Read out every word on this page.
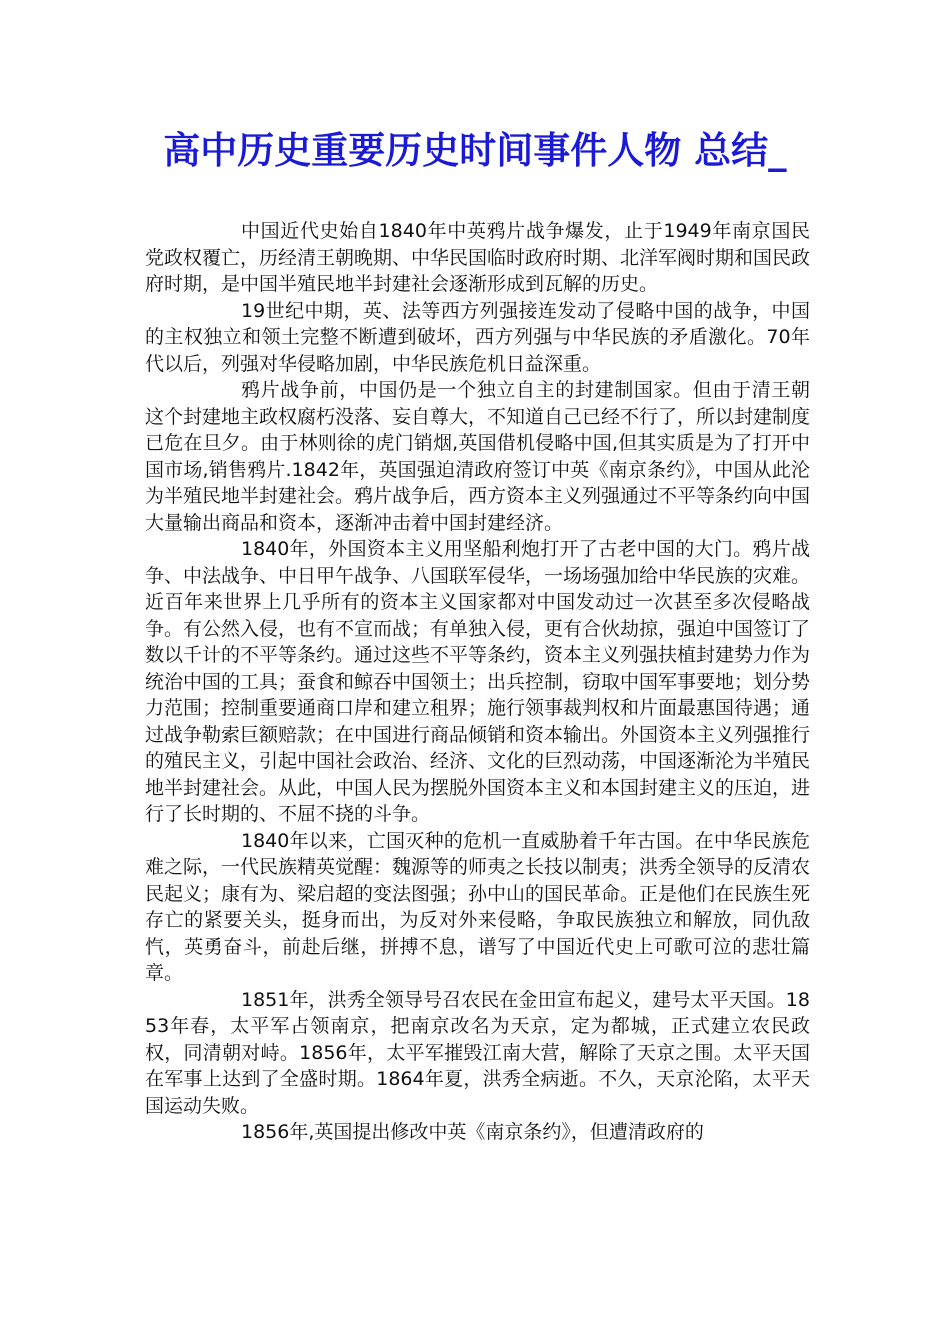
高中历史重要历史时间事件人物 总结_

中国近代史始自1840年中英鸦片战争爆发，止于1949年南京国民党政权覆亡，历经清王朝晚期、中华民国临时政府时期、北洋军阀时期和国民政府时期，是中国半殖民地半封建社会逐渐形成到瓦解的历史。

19世纪中期，英、法等西方列强接连发动了侵略中国的战争，中国的主权独立和领土完整不断遭到破坏，西方列强与中华民族的矛盾激化。70年代以后，列强对华侵略加剧，中华民族危机日益深重。

鸦片战争前，中国仍是一个独立自主的封建制国家。但由于清王朝这个封建地主政权腐朽没落、妄自尊大，不知道自己已经不行了，所以封建制度已危在旦夕。由于林则徐的虎门销烟,英国借机侵略中国,但其实质是为了打开中国市场,销售鸦片.1842年，英国强迫清政府签订中英《南京条约》，中国从此沦为半殖民地半封建社会。鸦片战争后，西方资本主义列强通过不平等条约向中国大量输出商品和资本，逐渐冲击着中国封建经济。

1840年，外国资本主义用坚船利炮打开了古老中国的大门。鸦片战争、中法战争、中日甲午战争、八国联军侵华，一场场强加给中华民族的灾难。近百年来世界上几乎所有的资本主义国家都对中国发动过一次甚至多次侵略战争。有公然入侵，也有不宣而战；有单独入侵，更有合伙劫掠，强迫中国签订了数以千计的不平等条约。通过这些不平等条约，资本主义列强扶植封建势力作为统治中国的工具；蚕食和鲸吞中国领土；出兵控制，窃取中国军事要地；划分势力范围；控制重要通商口岸和建立租界；施行领事裁判权和片面最惠国待遇；通过战争勒索巨额赔款；在中国进行商品倾销和资本输出。外国资本主义列强推行的殖民主义，引起中国社会政治、经济、文化的巨烈动荡，中国逐渐沦为半殖民地半封建社会。从此，中国人民为摆脱外国资本主义和本国封建主义的压迫，进行了长时期的、不屈不挠的斗争。

1840年以来，亡国灭种的危机一直威胁着千年古国。在中华民族危难之际，一代民族精英觉醒：魏源等的师夷之长技以制夷；洪秀全领导的反清农民起义；康有为、梁启超的变法图强；孙中山的国民革命。正是他们在民族生死存亡的紧要关头，挺身而出，为反对外来侵略，争取民族独立和解放，同仇敌忾，英勇奋斗，前赴后继，拼搏不息，谱写了中国近代史上可歌可泣的悲壮篇章。

1851年，洪秀全领导号召农民在金田宣布起义，建号太平天国。1853年春，太平军占领南京，把南京改名为天京，定为都城，正式建立农民政权，同清朝对峙。1856年，太平军摧毁江南大营，解除了天京之围。太平天国在军事上达到了全盛时期。1864年夏，洪秀全病逝。不久，天京沦陷，太平天国运动失败。

1856年,英国提出修改中英《南京条约》，但遭清政府的
